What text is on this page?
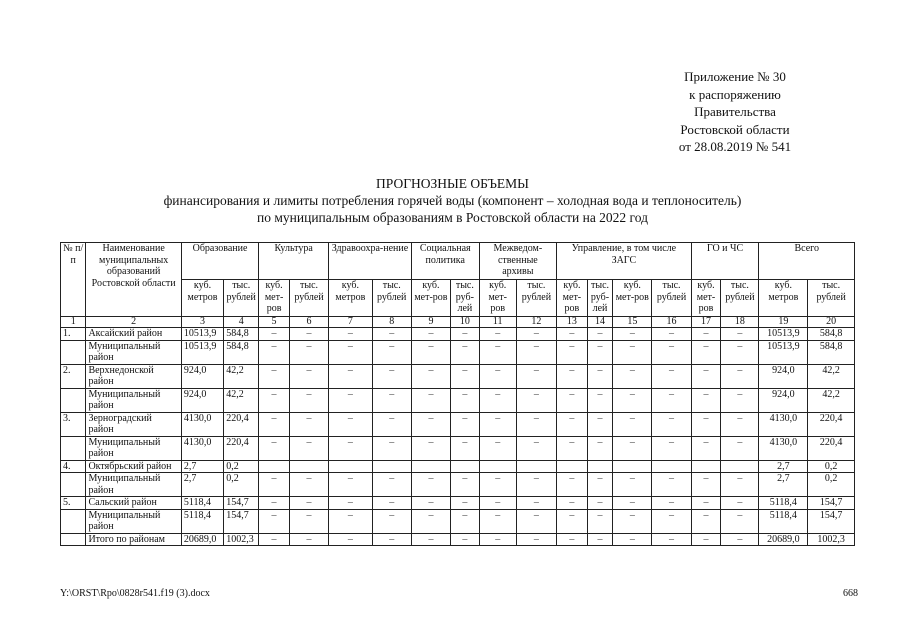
Приложение № 30
к распоряжению
Правительства
Ростовской области
от 28.08.2019 № 541
ПРОГНОЗНЫЕ ОБЪЕМЫ
финансирования и лимиты потребления горячей воды (компонент – холодная вода и теплоноситель)
по муниципальным образованиям в Ростовской области на 2022 год
№ п/п	Наименование муниципальных образований Ростовской области	Образование		Культура		Здравоохра-нение		Социальная политика		Межведом-ственные архивы		Управление, в том числе ЗАГС				ГО и ЧС		Всего	
		куб. метров	тыс. рублей	куб. мет-ров	тыс. рублей	куб. метров	тыс. рублей	куб. мет-ров	тыс. руб-лей	куб. мет-ров	тыс. рублей	куб. мет-ров	тыс. руб-лей	куб. мет-ров	тыс. рублей	куб. мет-ров	тыс. рублей	куб. метров	тыс. рублей
1	2	3	4	5	6	7	8	9	10	11	12	13	14	15	16	17	18	19	20
1.	Аксайский район	10513,9	584,8	–	–	–	–	–	–	–	–	–	–	–	–	–	–	10513,9	584,8
	Муниципальный район	10513,9	584,8	–	–	–	–	–	–	–	–	–	–	–	–	–	–	10513,9	584,8
2.	Верхнедонской район	924,0	42,2	–	–	–	–	–	–	–	–	–	–	–	–	–	–	924,0	42,2
	Муниципальный район	924,0	42,2	–	–	–	–	–	–	–	–	–	–	–	–	–	–	924,0	42,2
3.	Зерноградский район	4130,0	220,4	–	–	–	–	–	–	–	–	–	–	–	–	–	–	4130,0	220,4
	Муниципальный район	4130,0	220,4	–	–	–	–	–	–	–	–	–	–	–	–	–	–	4130,0	220,4
4.	Октябрьский район	2,7	0,2															2,7	0,2
	Муниципальный район	2,7	0,2	–	–	–	–	–	–	–	–	–	–	–	–	–	–	2,7	0,2
5.	Сальский район	5118,4	154,7	–	–	–	–	–	–	–	–	–	–	–	–	–	–	5118,4	154,7
	Муниципальный район	5118,4	154,7	–	–	–	–	–	–	–	–	–	–	–	–	–	–	5118,4	154,7
	Итого по районам	20689,0	1002,3	–	–	–	–	–	–	–	–	–	–	–	–	–	–	20689,0	1002,3
Y:\ORST\Rpo\0828r541.f19 (3).docx	668
